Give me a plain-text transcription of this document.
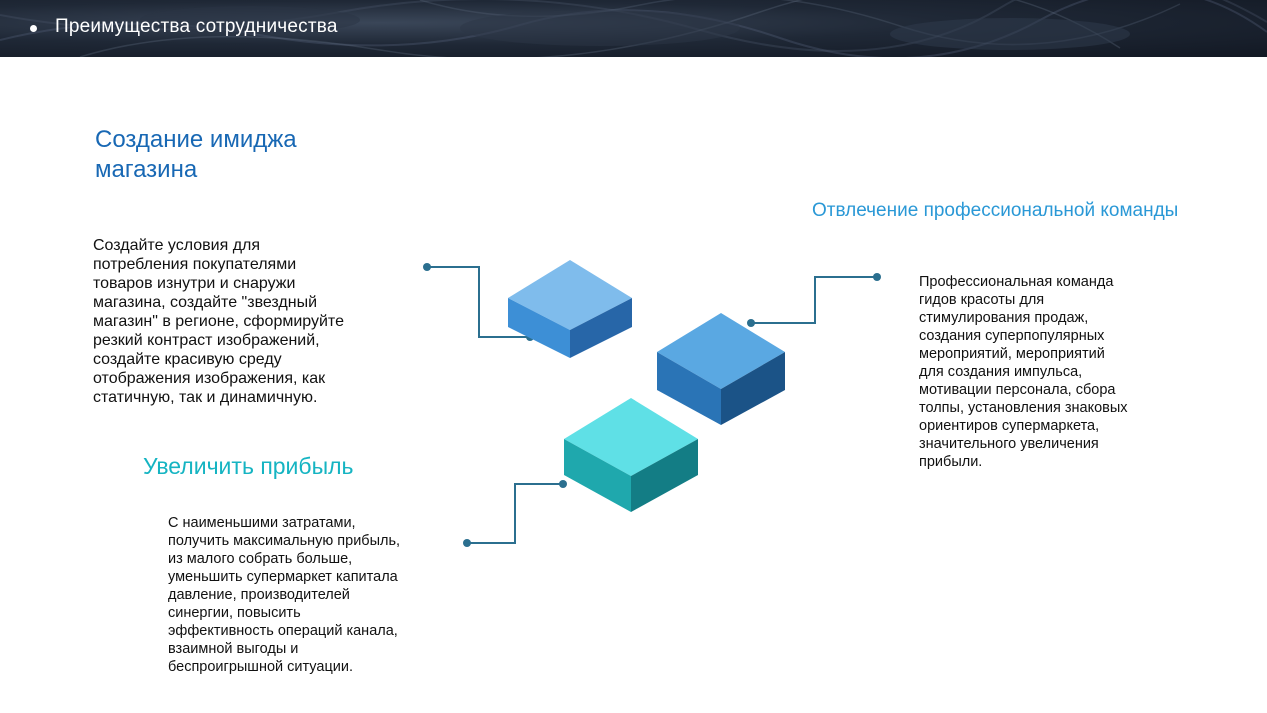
Преимущества сотрудничества
Создание имиджа магазина

Создайте условия для
потребления покупателями
товаров изнутри и снаружи
магазина, создайте "звездный
магазин" в регионе, сформируйте
резкий контраст изображений,
создайте красивую среду
отображения изображения, как
статичную, так и динамичную.

Отвлечение профессиональной команды

Профессиональная команда
гидов красоты для
стимулирования продаж,
создания суперпопулярных
мероприятий, мероприятий
для создания импульса,
мотивации персонала, сбора
толпы, установления знаковых
ориентиров супермаркета,
значительного увеличения
прибыли.

Увеличить прибыль

С наименьшими затратами,
получить максимальную прибыль,
из малого собрать больше,
уменьшить супермаркет капитала
давление, производителей
синергии, повысить
эффективность операций канала,
взаимной выгоды и
беспроигрышной ситуации.
